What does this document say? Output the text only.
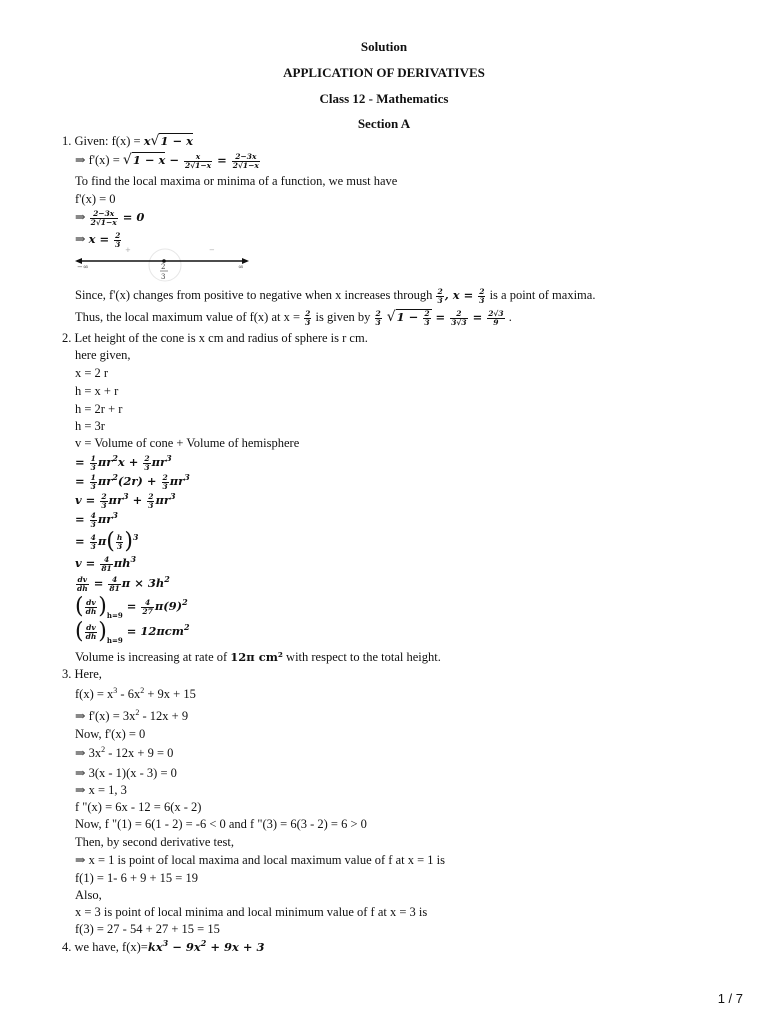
Solution
APPLICATION OF DERIVATIVES
Class 12 - Mathematics
Section A
1. Given: f(x) = x√1 − x
⇒ $f'(x) = √1 - x - \frac{x}{2√1-x} = \frac{2-3x}{2√1-x}$
To find the local maxima or minima of a function, we must have
f'(x) = 0
⇒ $\frac{2-3x}{2√1-x} = 0$
⇒ $x = \frac{2}{3}$
−∞	∞
2
3
+	−
Since, f'(x) changes from positive to negative when x increases through $\frac{2}{3}$ , $x = \frac{2}{3}$ is a point of maxima.
Thus, the local maximum value of f(x) at $x = \frac{2}{3}$ is given by $\frac{2}{3} √1 - \frac{2}{3} = \frac{2}{3√3} = \frac{2√3}{9}$ .
2. Let height of the cone is x cm and radius of sphere is r cm.
here given,
x = 2 r
h = x + r
h = 2r + r
h = 3r
v = Volume of cone + Volume of hemisphere
= $\frac{1}{3} \pi r^2x + \frac{2}{3} \pi r^3$
= $\frac{1}{3} \pi r^2(2r) + \frac{2}{3} \pi r^3$
$v = \frac{2}{3} \pi r^3 + \frac{2}{3} \pi r^3$
= $\frac{4}{3} \pi r^3$
= $\frac{4}{3} \pi( \frac{h}{3} )^3$
$v = \frac{4}{81} \pi h^3$
$\frac{dv}{dh} = \frac{4}{81}$ $\pi \times 3h^2$
( $\frac{dv}{dh} )_{h=9} = \frac{4}{27} \pi(9)^2$
( $\frac{dv}{dh} )_{h=9} = 12\pi cm^2$
Volume is increasing at rate of 12π cm² with respect to the total height.
3. Here,
$f(x) = x^3 - 6x^2 + 9x + 15$
⇒ $f'(x) = 3x^2 - 12x + 9$
Now, f'(x) = 0
⇒ $3x^2 - 12x + 9 = 0$
⇒ 3(x - 1)(x - 3) = 0
⇒ x = 1, 3
f "(x) = 6x - 12 = 6(x - 2)
Now, f "(1) = 6(1 - 2) = -6 < 0 and f "(3) = 6(3 - 2) = 6 > 0
Then, by second derivative test,
⇒ x = 1 is point of local maxima and local maximum value of f at x = 1 is
f(1) = 1- 6 + 9 + 15 = 19
Also,
x = 3 is point of local minima and local minimum value of f at x = 3 is
f(3) = 27 - 54 + 27 + 15 = 15
4. we have, $f(x)=kx^3 - 9x^2 + 9x + 3$
1 / 7
